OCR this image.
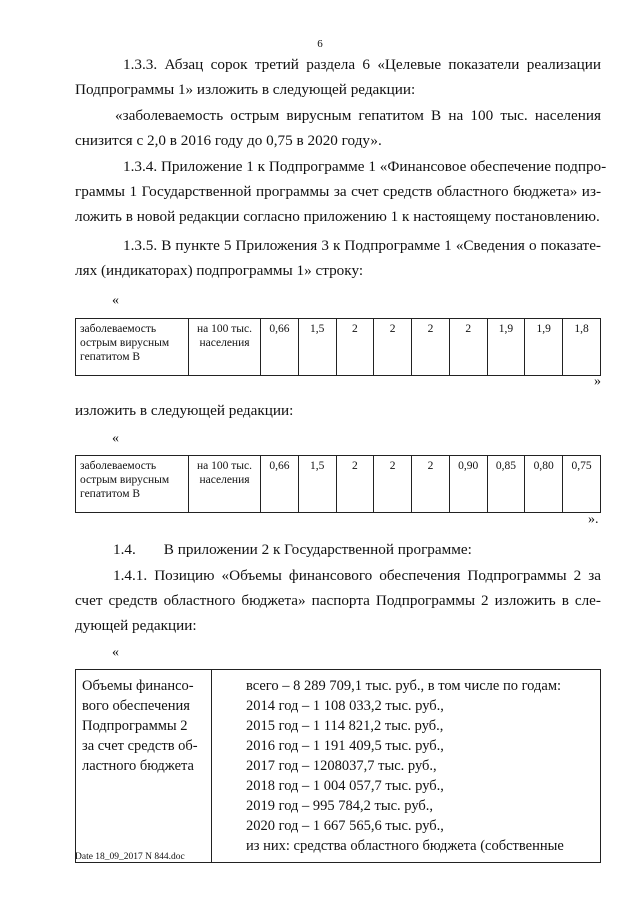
6

1.3.3. Абзац сорок третий раздела 6 «Целевые показатели реализации
Подпрограммы 1» изложить в следующей редакции:

«заболеваемость острым вирусным гепатитом В на 100 тыс. населения
снизится с 2,0 в 2016 году до 0,75 в 2020 году».

1.3.4. Приложение 1 к Подпрограмме 1 «Финансовое обеспечение подпро-
граммы 1 Государственной программы за счет средств областного бюджета» из-
ложить в новой редакции согласно приложению 1 к настоящему постановлению.

1.3.5. В пункте 5 Приложения 3 к Подпрограмме 1 «Сведения о показате-
лях (индикаторах) подпрограммы 1» строку:

«
заболеваемость острым вирусным гепатитом В	на 100 тыс. населения	0,66	1,5	2	2	2	2	1,9	1,9	1,8
»

изложить в следующей редакции:

«
заболеваемость острым вирусным гепатитом В	на 100 тыс. населения	0,66	1,5	2	2	2	0,90	0,85	0,80	0,75
».

1.4. В приложении 2 к Государственной программе:

1.4.1. Позицию «Объемы финансового обеспечения Подпрограммы 2 за
счет средств областного бюджета» паспорта Подпрограммы 2 изложить в сле-
дующей редакции:

«
Объемы финансо-
вого обеспечения
Подпрограммы 2
за счет средств об-
ластного бюджета

всего – 8 289 709,1 тыс. руб., в том числе по годам:
2014 год – 1 108 033,2 тыс. руб.,
2015 год – 1 114 821,2 тыс. руб.,
2016 год – 1 191 409,5 тыс. руб.,
2017 год – 1208037,7 тыс. руб.,
2018 год – 1 004 057,7 тыс. руб.,
2019 год – 995 784,2 тыс. руб.,
2020 год – 1 667 565,6 тыс. руб.,
из них: средства областного бюджета (собственные
Date 18_09_2017 N 844.doc
